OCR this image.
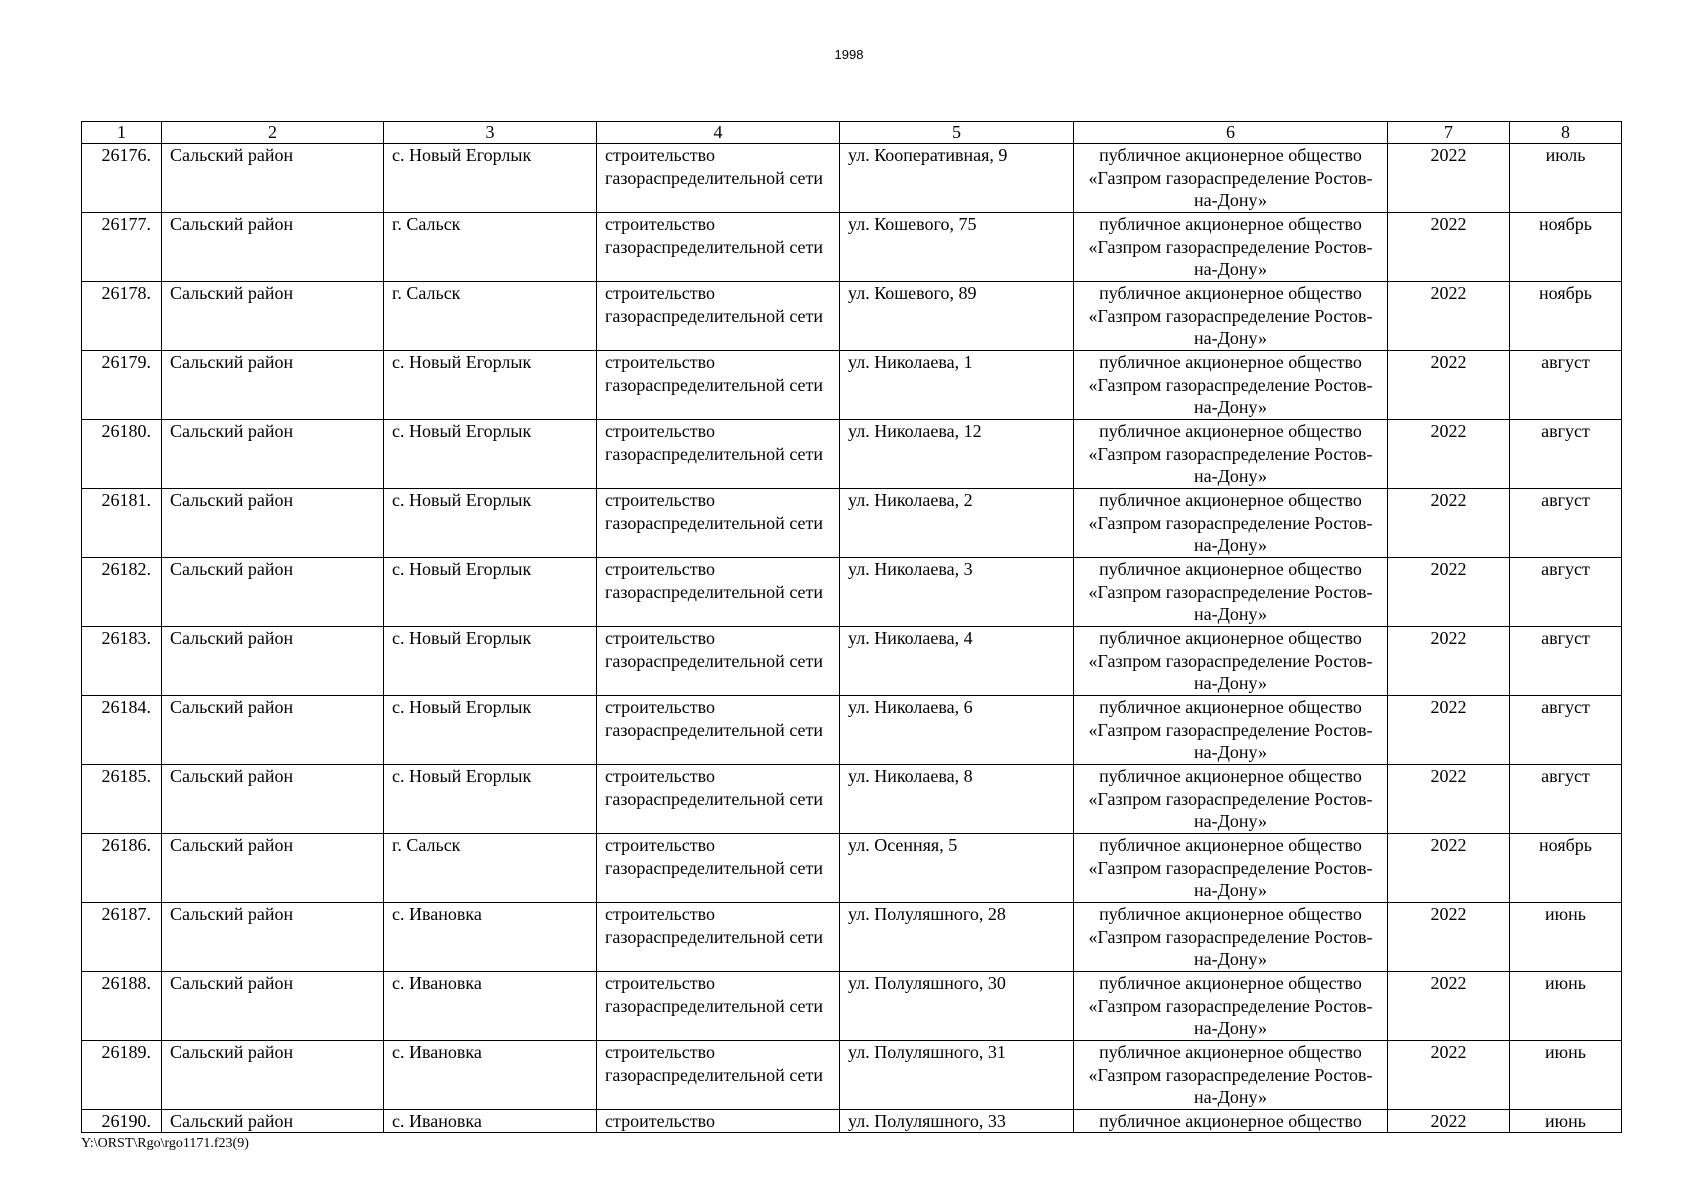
1998
1	2	3	4	5	6	7	8
26176.	Сальский район	с. Новый Егорлык	строительство газораспределительной сети	ул. Кооперативная, 9	публичное акционерное общество «Газпром газораспределение Ростов-на-Дону»	2022	июль
26177.	Сальский район	г. Сальск	строительство газораспределительной сети	ул. Кошевого, 75	публичное акционерное общество «Газпром газораспределение Ростов-на-Дону»	2022	ноябрь
26178.	Сальский район	г. Сальск	строительство газораспределительной сети	ул. Кошевого, 89	публичное акционерное общество «Газпром газораспределение Ростов-на-Дону»	2022	ноябрь
26179.	Сальский район	с. Новый Егорлык	строительство газораспределительной сети	ул. Николаева, 1	публичное акционерное общество «Газпром газораспределение Ростов-на-Дону»	2022	август
26180.	Сальский район	с. Новый Егорлык	строительство газораспределительной сети	ул. Николаева, 12	публичное акционерное общество «Газпром газораспределение Ростов-на-Дону»	2022	август
26181.	Сальский район	с. Новый Егорлык	строительство газораспределительной сети	ул. Николаева, 2	публичное акционерное общество «Газпром газораспределение Ростов-на-Дону»	2022	август
26182.	Сальский район	с. Новый Егорлык	строительство газораспределительной сети	ул. Николаева, 3	публичное акционерное общество «Газпром газораспределение Ростов-на-Дону»	2022	август
26183.	Сальский район	с. Новый Егорлык	строительство газораспределительной сети	ул. Николаева, 4	публичное акционерное общество «Газпром газораспределение Ростов-на-Дону»	2022	август
26184.	Сальский район	с. Новый Егорлык	строительство газораспределительной сети	ул. Николаева, 6	публичное акционерное общество «Газпром газораспределение Ростов-на-Дону»	2022	август
26185.	Сальский район	с. Новый Егорлык	строительство газораспределительной сети	ул. Николаева, 8	публичное акционерное общество «Газпром газораспределение Ростов-на-Дону»	2022	август
26186.	Сальский район	г. Сальск	строительство газораспределительной сети	ул. Осенняя, 5	публичное акционерное общество «Газпром газораспределение Ростов-на-Дону»	2022	ноябрь
26187.	Сальский район	с. Ивановка	строительство газораспределительной сети	ул. Полуляшного, 28	публичное акционерное общество «Газпром газораспределение Ростов-на-Дону»	2022	июнь
26188.	Сальский район	с. Ивановка	строительство газораспределительной сети	ул. Полуляшного, 30	публичное акционерное общество «Газпром газораспределение Ростов-на-Дону»	2022	июнь
26189.	Сальский район	с. Ивановка	строительство газораспределительной сети	ул. Полуляшного, 31	публичное акционерное общество «Газпром газораспределение Ростов-на-Дону»	2022	июнь
26190.	Сальский район	с. Ивановка	строительство	ул. Полуляшного, 33	публичное акционерное общество	2022	июнь
Y:\ORST\Rgo\rgo1171.f23(9)
